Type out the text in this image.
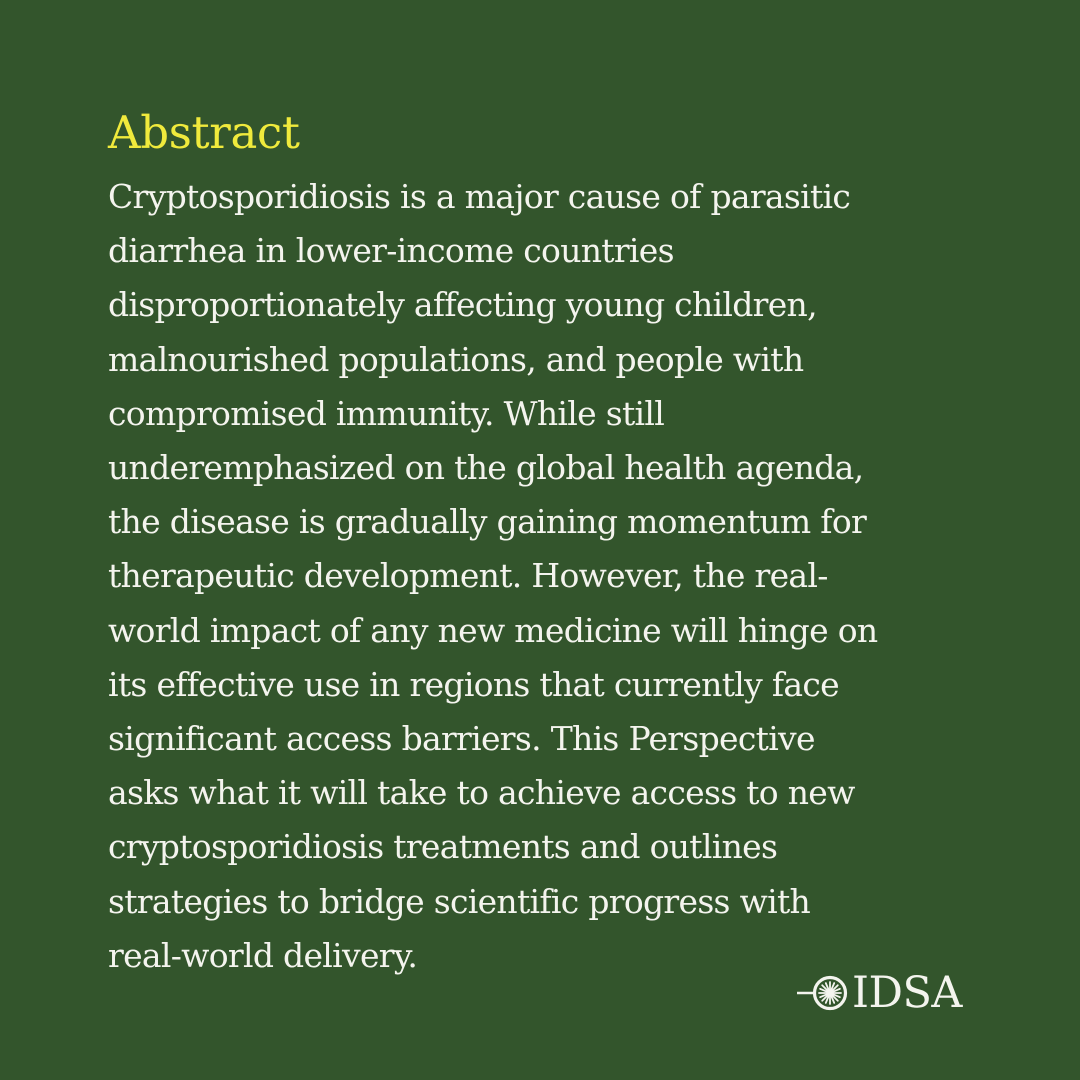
Abstract

Cryptosporidiosis is a major cause of parasitic
diarrhea in lower-income countries
disproportionately affecting young children,
malnourished populations, and people with
compromised immunity. While still
underemphasized on the global health agenda,
the disease is gradually gaining momentum for
therapeutic development. However, the real-
world impact of any new medicine will hinge on
its effective use in regions that currently face
significant access barriers. This Perspective
asks what it will take to achieve access to new
cryptosporidiosis treatments and outlines
strategies to bridge scientific progress with
real-world delivery.

IDSA
